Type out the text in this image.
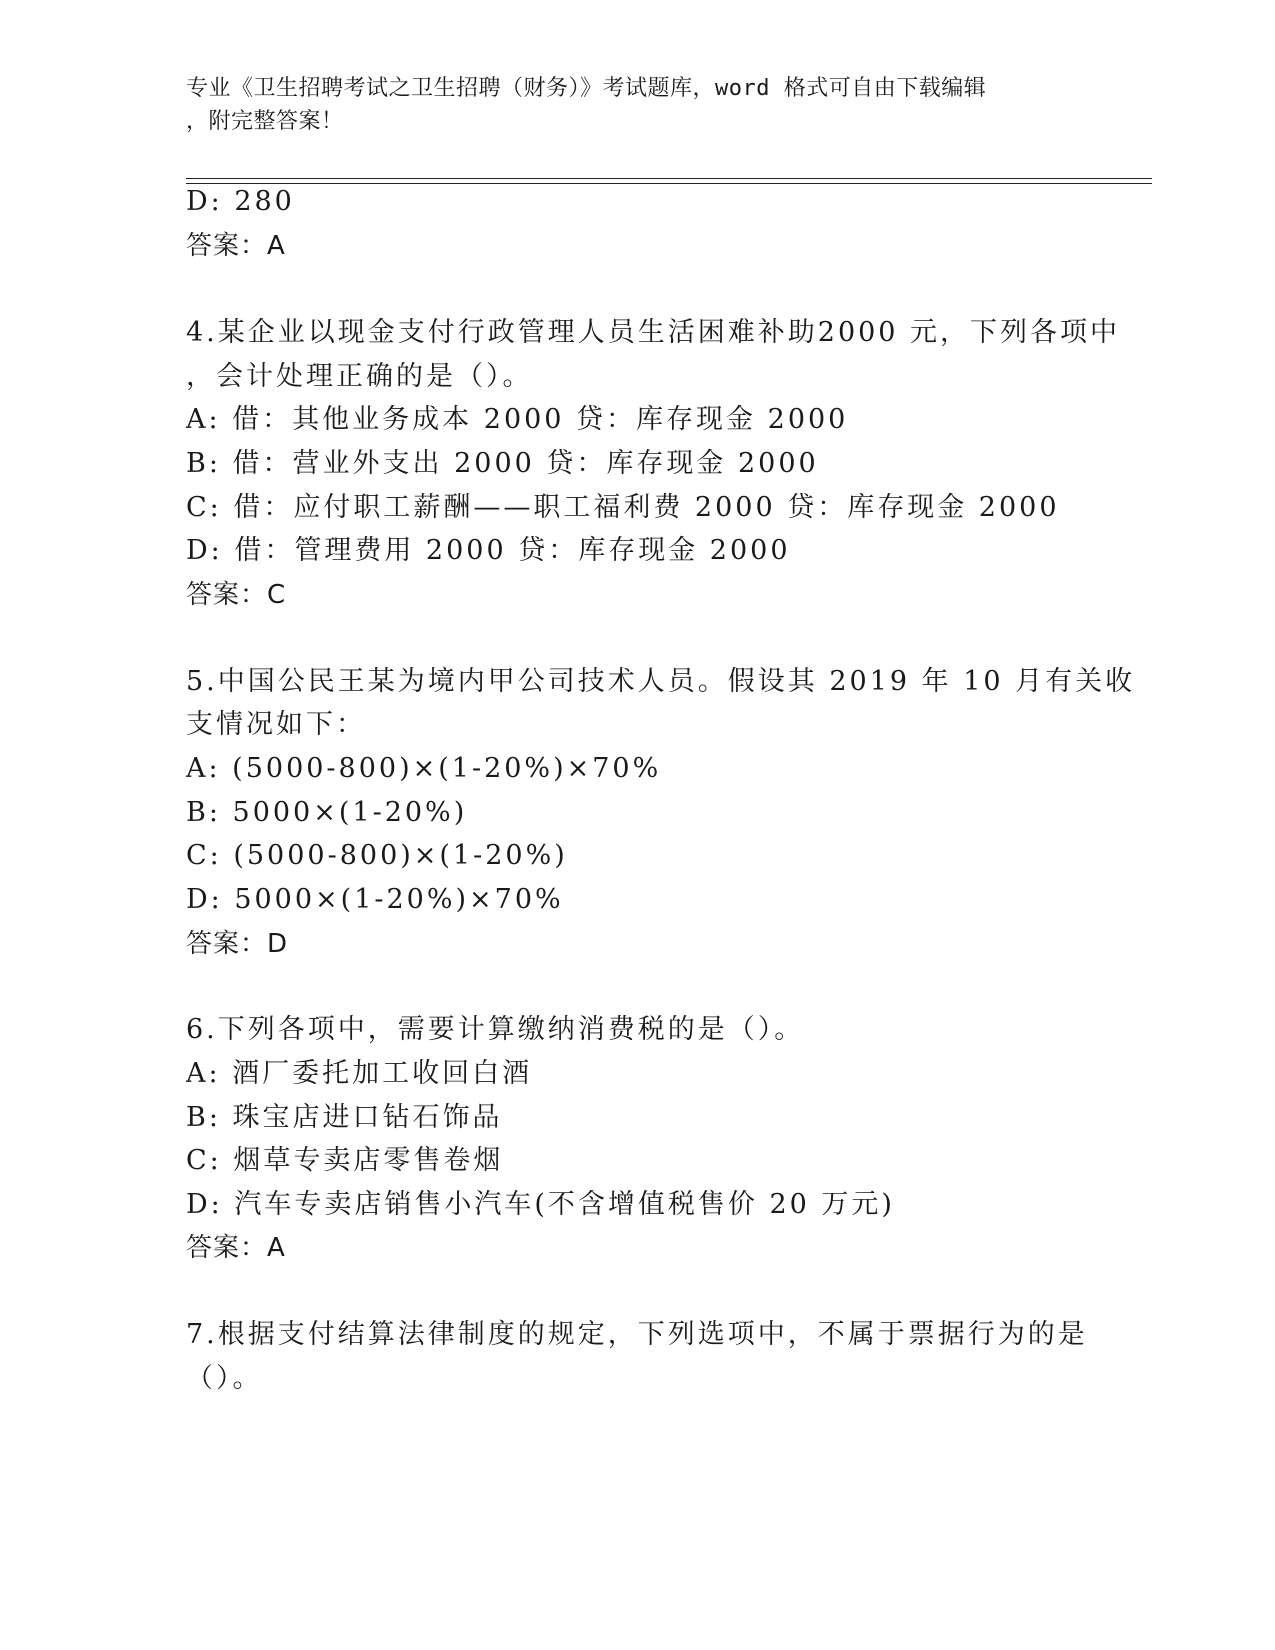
专业《卫生招聘考试之卫生招聘（财务）》考试题库，word 格式可自由下载编辑
，附完整答案！
D: 280
答案：A
4.某企业以现金支付行政管理人员生活困难补助2000 元，下列各项中
，会计处理正确的是（）。
A: 借：其他业务成本 2000 贷：库存现金 2000
B: 借：营业外支出 2000 贷：库存现金 2000
C: 借：应付职工薪酬——职工福利费 2000 贷：库存现金 2000
D: 借：管理费用 2000 贷：库存现金 2000
答案：C
5.中国公民王某为境内甲公司技术人员。假设其 2019 年 10 月有关收
支情况如下：
A: (5000-800)×(1-20%)×70%
B: 5000×(1-20%)
C: (5000-800)×(1-20%)
D: 5000×(1-20%)×70%
答案：D
6.下列各项中，需要计算缴纳消费税的是（）。
A: 酒厂委托加工收回白酒
B: 珠宝店进口钻石饰品
C: 烟草专卖店零售卷烟
D: 汽车专卖店销售小汽车(不含增值税售价 20 万元)
答案：A
7.根据支付结算法律制度的规定，下列选项中，不属于票据行为的是
（）。
